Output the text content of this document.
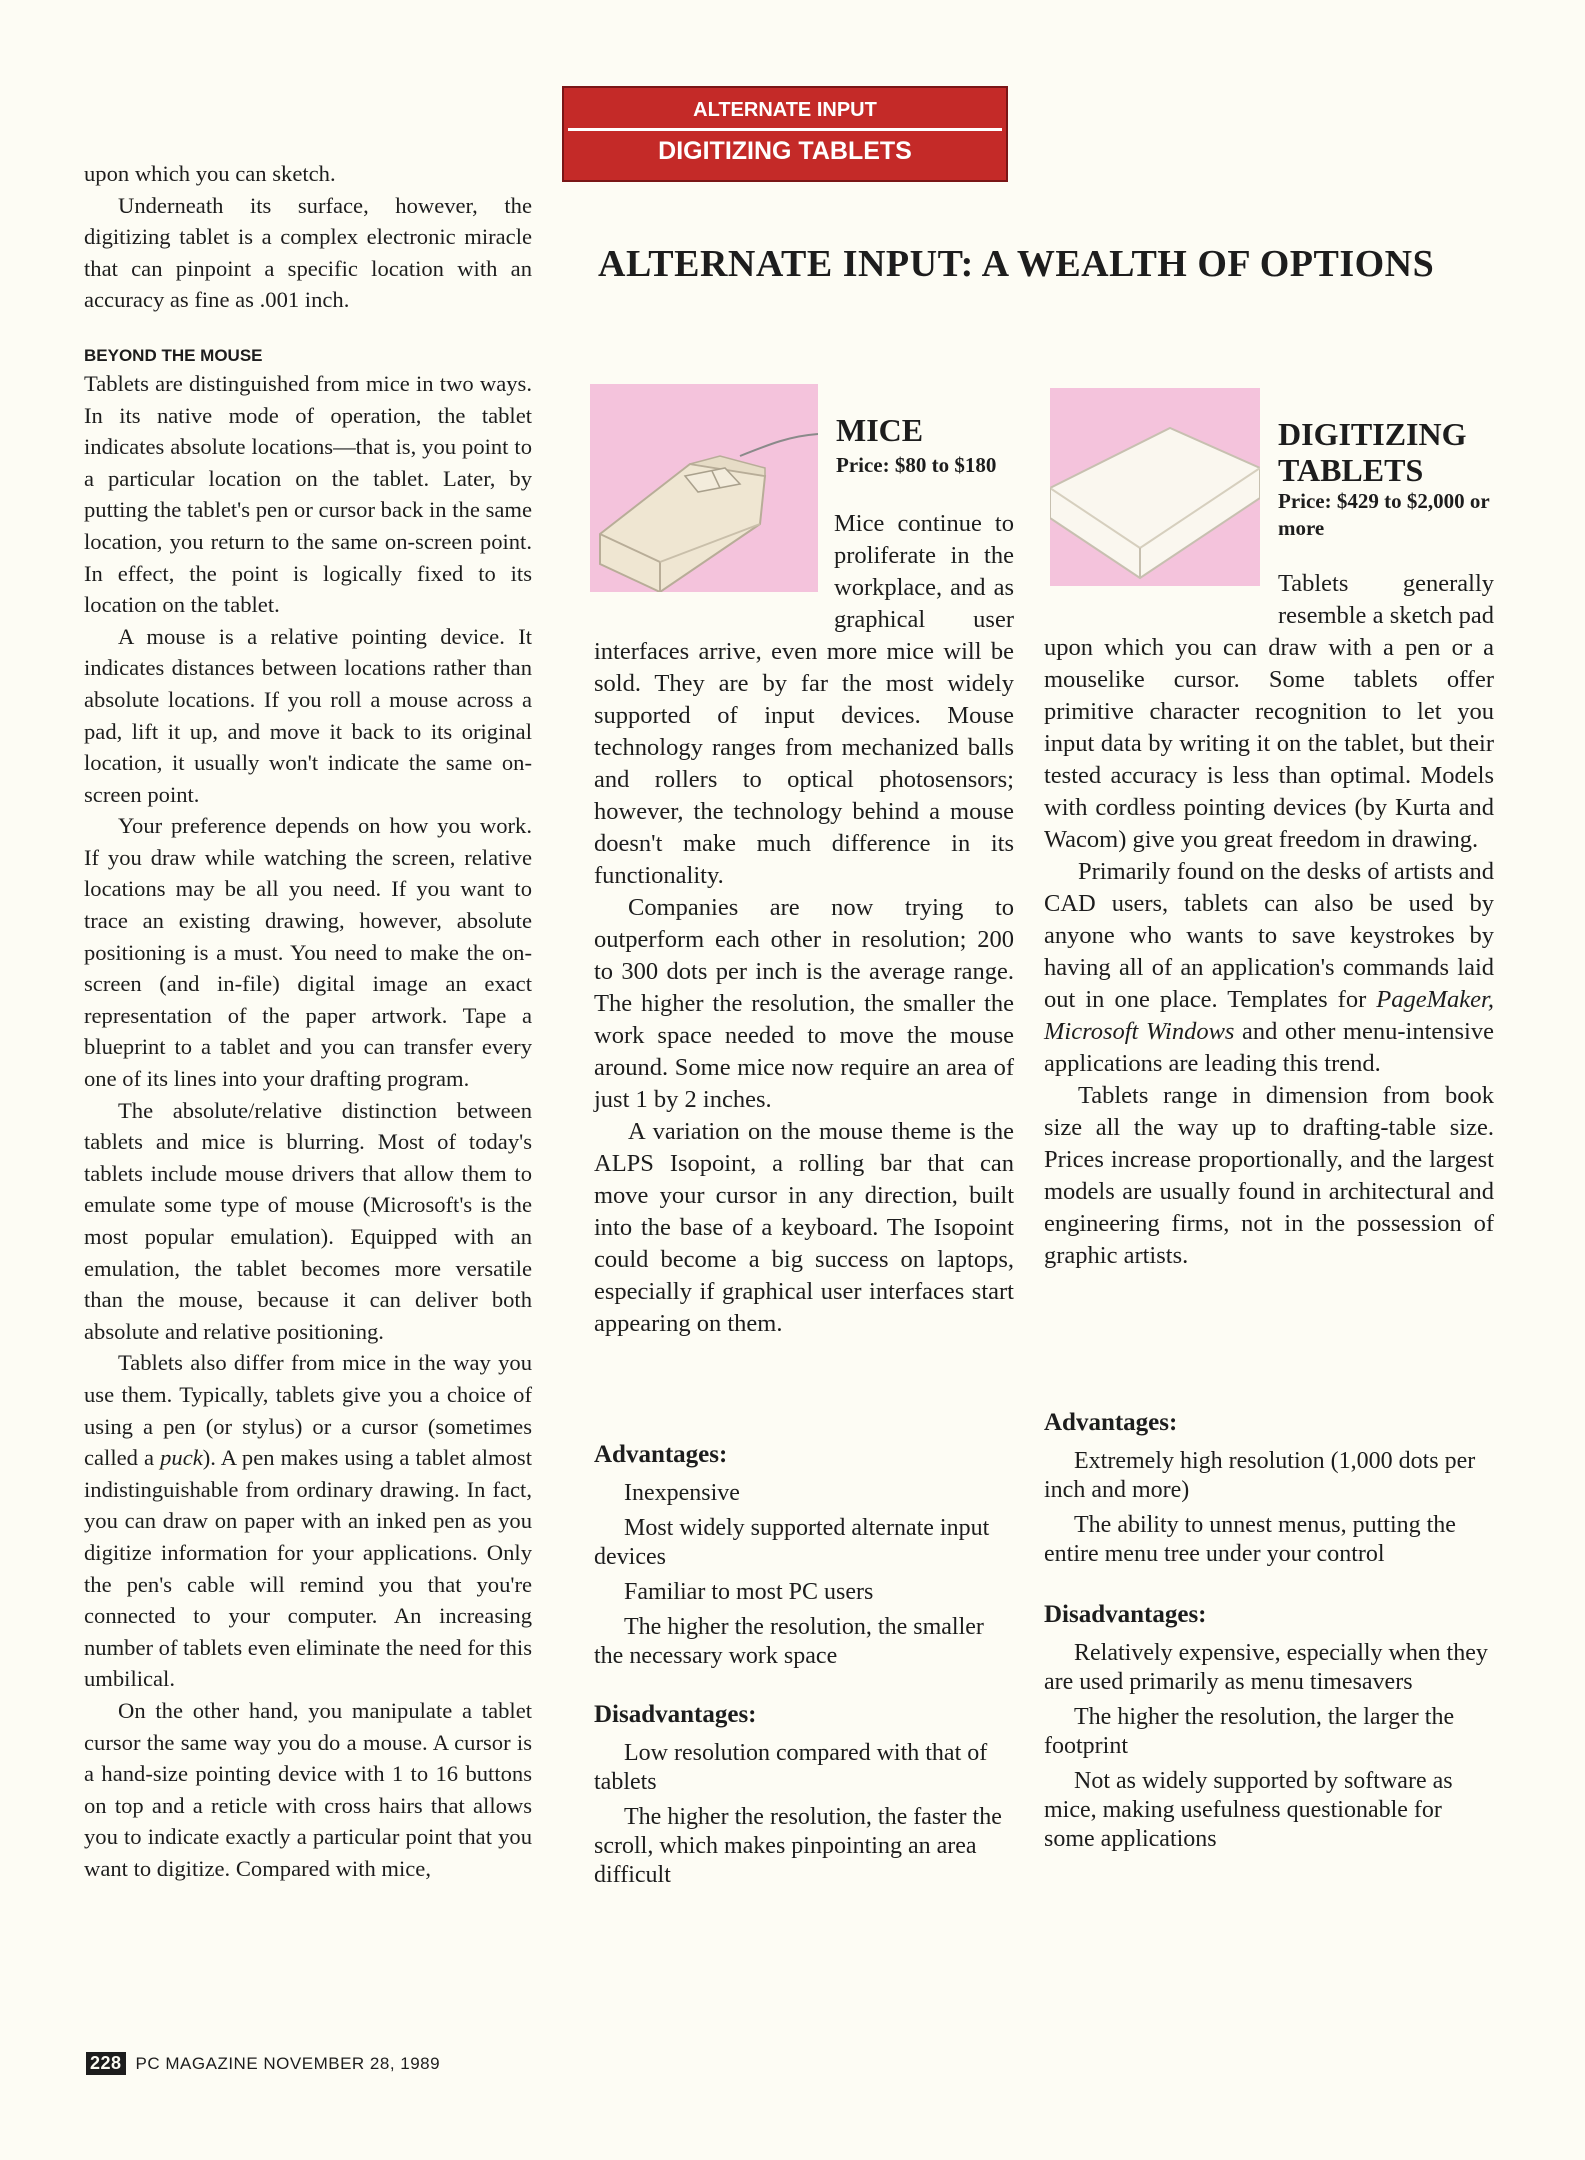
upon which you can sketch.

Underneath its surface, however, the digitizing tablet is a complex electronic miracle that can pinpoint a specific location with an accuracy as fine as .001 inch.

BEYOND THE MOUSE

Tablets are distinguished from mice in two ways. In its native mode of operation, the tablet indicates absolute locations—that is, you point to a particular location on the tablet. Later, by putting the tablet's pen or cursor back in the same location, you return to the same on-screen point. In effect, the point is logically fixed to its location on the tablet.

A mouse is a relative pointing device. It indicates distances between locations rather than absolute locations. If you roll a mouse across a pad, lift it up, and move it back to its original location, it usually won't indicate the same on-screen point.

Your preference depends on how you work. If you draw while watching the screen, relative locations may be all you need. If you want to trace an existing drawing, however, absolute positioning is a must. You need to make the on-screen (and in-file) digital image an exact representation of the paper artwork. Tape a blueprint to a tablet and you can transfer every one of its lines into your drafting program.

The absolute/relative distinction between tablets and mice is blurring. Most of today's tablets include mouse drivers that allow them to emulate some type of mouse (Microsoft's is the most popular emulation). Equipped with an emulation, the tablet becomes more versatile than the mouse, because it can deliver both absolute and relative positioning.

Tablets also differ from mice in the way you use them. Typically, tablets give you a choice of using a pen (or stylus) or a cursor (sometimes called a puck). A pen makes using a tablet almost indistinguishable from ordinary drawing. In fact, you can draw on paper with an inked pen as you digitize information for your applications. Only the pen's cable will remind you that you're connected to your computer. An increasing number of tablets even eliminate the need for this umbilical.

On the other hand, you manipulate a tablet cursor the same way you do a mouse. A cursor is a hand-size pointing device with 1 to 16 buttons on top and a reticle with cross hairs that allows you to indicate exactly a particular point that you want to digitize. Compared with mice,

ALTERNATE INPUT
DIGITIZING TABLETS
ALTERNATE INPUT: A WEALTH OF OPTIONS
MICE
Price: $80 to $180

Mice continue to proliferate in the workplace, and as graphical user interfaces arrive, even more mice will be sold. They are by far the most widely supported of input devices. Mouse technology ranges from mechanized balls and rollers to optical photosensors; however, the technology behind a mouse doesn't make much difference in its functionality.

Companies are now trying to outperform each other in resolution; 200 to 300 dots per inch is the average range. The higher the resolution, the smaller the work space needed to move the mouse around. Some mice now require an area of just 1 by 2 inches.

A variation on the mouse theme is the ALPS Isopoint, a rolling bar that can move your cursor in any direction, built into the base of a keyboard. The Isopoint could become a big success on laptops, especially if graphical user interfaces start appearing on them.

Advantages:
Inexpensive
Most widely supported alternate input devices
Familiar to most PC users
The higher the resolution, the smaller the necessary work space
Disadvantages:
Low resolution compared with that of tablets
The higher the resolution, the faster the scroll, which makes pinpointing an area difficult
DIGITIZING TABLETS
Price: $429 to $2,000 or more

Tablets generally resemble a sketch pad upon which you can draw with a pen or a mouselike cursor. Some tablets offer primitive character recognition to let you input data by writing it on the tablet, but their tested accuracy is less than optimal. Models with cordless pointing devices (by Kurta and Wacom) give you great freedom in drawing.

Primarily found on the desks of artists and CAD users, tablets can also be used by anyone who wants to save keystrokes by having all of an application's commands laid out in one place. Templates for PageMaker, Microsoft Windows and other menu-intensive applications are leading this trend.

Tablets range in dimension from book size all the way up to drafting-table size. Prices increase proportionally, and the largest models are usually found in architectural and engineering firms, not in the possession of graphic artists.

Advantages:
Extremely high resolution (1,000 dots per inch and more)
The ability to unnest menus, putting the entire menu tree under your control
Disadvantages:
Relatively expensive, especially when they are used primarily as menu timesavers
The higher the resolution, the larger the footprint
Not as widely supported by software as mice, making usefulness questionable for some applications
228 PC MAGAZINE NOVEMBER 28, 1989
